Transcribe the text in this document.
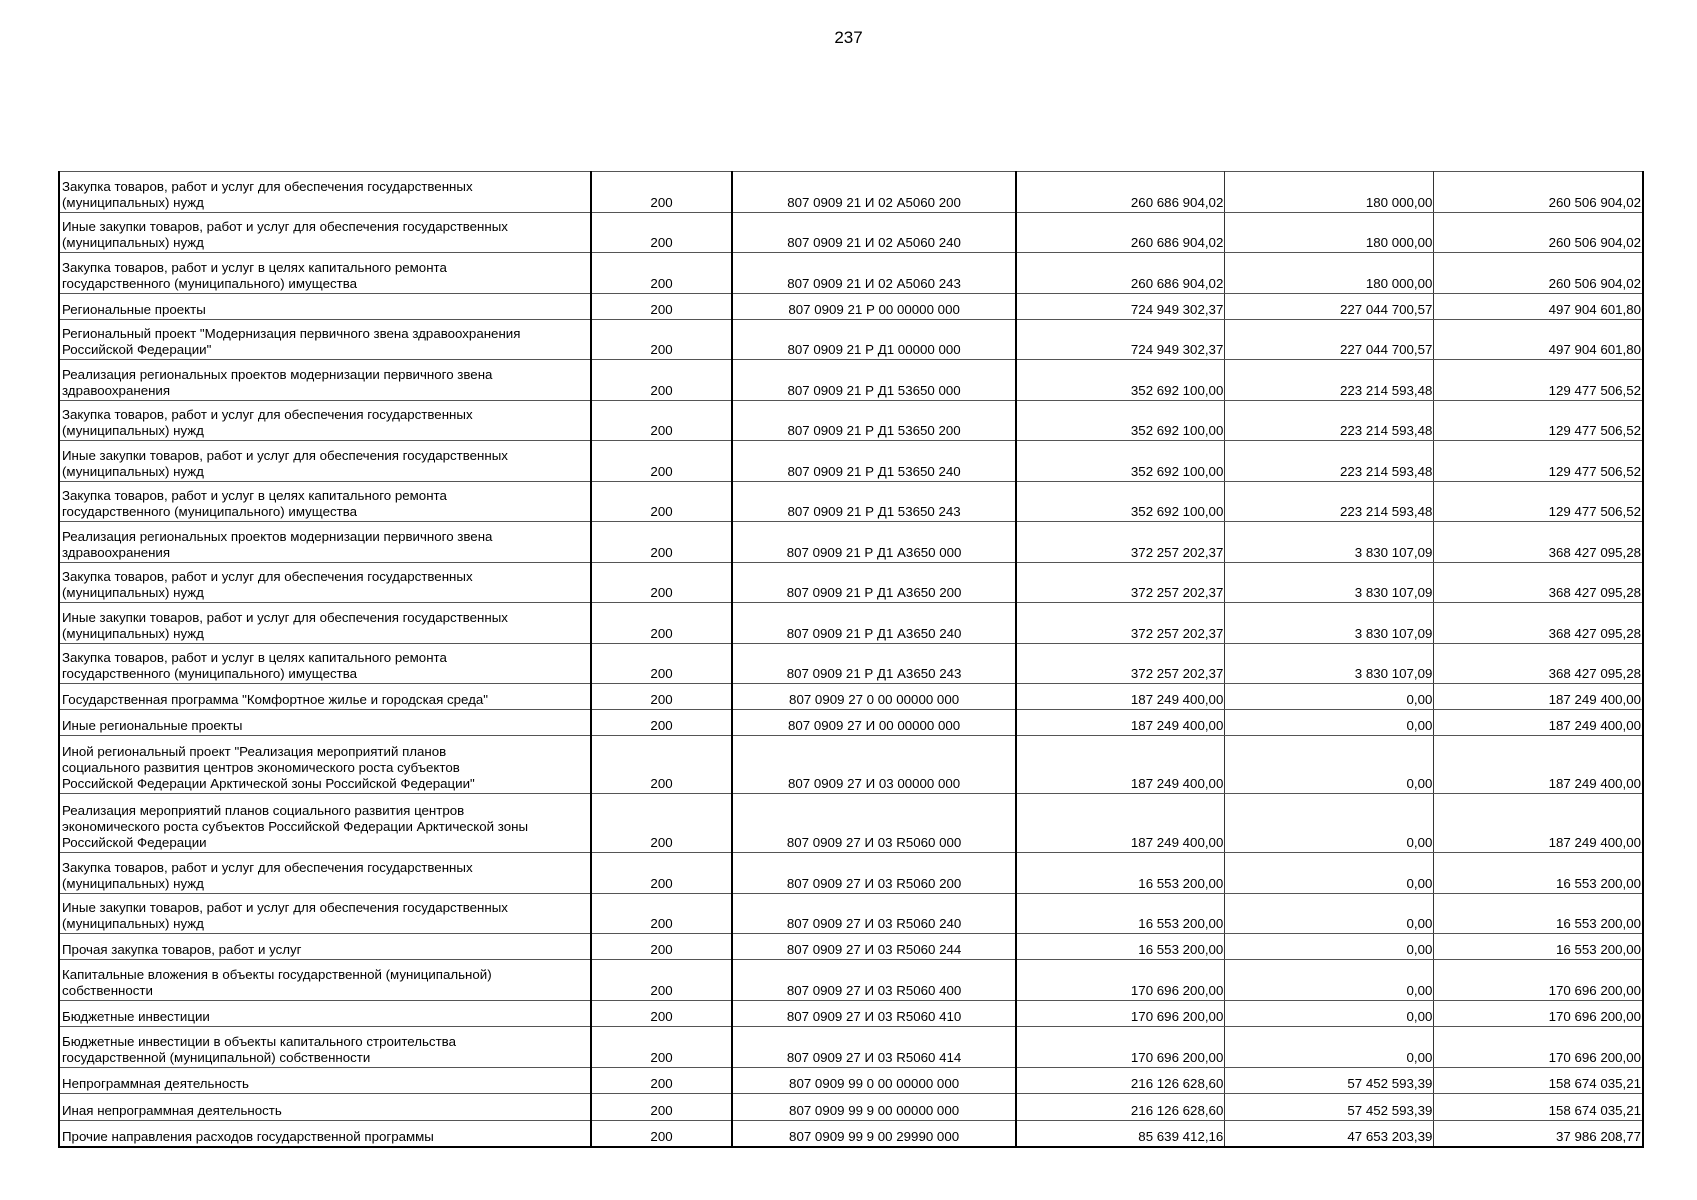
237
Закупка товаров, работ и услуг для обеспечения государственных
(муниципальных) нужд	200	807 0909 21 И 02 А5060 200	260 686 904,02	180 000,00	260 506 904,02

Иные закупки товаров, работ и услуг для обеспечения государственных
(муниципальных) нужд	200	807 0909 21 И 02 А5060 240	260 686 904,02	180 000,00	260 506 904,02

Закупка товаров, работ и услуг в целях капитального ремонта
государственного (муниципального) имущества	200	807 0909 21 И 02 А5060 243	260 686 904,02	180 000,00	260 506 904,02

Региональные проекты	200	807 0909 21 Р 00 00000 000	724 949 302,37	227 044 700,57	497 904 601,80

Региональный проект "Модернизация первичного звена здравоохранения
Российской Федерации"	200	807 0909 21 Р Д1 00000 000	724 949 302,37	227 044 700,57	497 904 601,80

Реализация региональных проектов модернизации первичного звена
здравоохранения	200	807 0909 21 Р Д1 53650 000	352 692 100,00	223 214 593,48	129 477 506,52

Закупка товаров, работ и услуг для обеспечения государственных
(муниципальных) нужд	200	807 0909 21 Р Д1 53650 200	352 692 100,00	223 214 593,48	129 477 506,52

Иные закупки товаров, работ и услуг для обеспечения государственных
(муниципальных) нужд	200	807 0909 21 Р Д1 53650 240	352 692 100,00	223 214 593,48	129 477 506,52

Закупка товаров, работ и услуг в целях капитального ремонта
государственного (муниципального) имущества	200	807 0909 21 Р Д1 53650 243	352 692 100,00	223 214 593,48	129 477 506,52

Реализация региональных проектов модернизации первичного звена
здравоохранения	200	807 0909 21 Р Д1 А3650 000	372 257 202,37	3 830 107,09	368 427 095,28

Закупка товаров, работ и услуг для обеспечения государственных
(муниципальных) нужд	200	807 0909 21 Р Д1 А3650 200	372 257 202,37	3 830 107,09	368 427 095,28

Иные закупки товаров, работ и услуг для обеспечения государственных
(муниципальных) нужд	200	807 0909 21 Р Д1 А3650 240	372 257 202,37	3 830 107,09	368 427 095,28

Закупка товаров, работ и услуг в целях капитального ремонта
государственного (муниципального) имущества	200	807 0909 21 Р Д1 А3650 243	372 257 202,37	3 830 107,09	368 427 095,28

Государственная программа "Комфортное жилье и городская среда"	200	807 0909 27 0 00 00000 000	187 249 400,00	0,00	187 249 400,00

Иные региональные проекты	200	807 0909 27 И 00 00000 000	187 249 400,00	0,00	187 249 400,00

Иной региональный проект "Реализация мероприятий планов
социального развития центров экономического роста субъектов
Российской Федерации Арктической зоны Российской Федерации"	200	807 0909 27 И 03 00000 000	187 249 400,00	0,00	187 249 400,00

Реализация мероприятий планов социального развития центров
экономического роста субъектов Российской Федерации Арктической зоны
Российской Федерации	200	807 0909 27 И 03 R5060 000	187 249 400,00	0,00	187 249 400,00

Закупка товаров, работ и услуг для обеспечения государственных
(муниципальных) нужд	200	807 0909 27 И 03 R5060 200	16 553 200,00	0,00	16 553 200,00

Иные закупки товаров, работ и услуг для обеспечения государственных
(муниципальных) нужд	200	807 0909 27 И 03 R5060 240	16 553 200,00	0,00	16 553 200,00

Прочая закупка товаров, работ и услуг	200	807 0909 27 И 03 R5060 244	16 553 200,00	0,00	16 553 200,00

Капитальные вложения в объекты государственной (муниципальной)
собственности	200	807 0909 27 И 03 R5060 400	170 696 200,00	0,00	170 696 200,00

Бюджетные инвестиции	200	807 0909 27 И 03 R5060 410	170 696 200,00	0,00	170 696 200,00

Бюджетные инвестиции в объекты капитального строительства
государственной (муниципальной) собственности	200	807 0909 27 И 03 R5060 414	170 696 200,00	0,00	170 696 200,00

Непрограммная деятельность	200	807 0909 99 0 00 00000 000	216 126 628,60	57 452 593,39	158 674 035,21

Иная непрограммная деятельность	200	807 0909 99 9 00 00000 000	216 126 628,60	57 452 593,39	158 674 035,21

Прочие направления расходов государственной программы	200	807 0909 99 9 00 29990 000	85 639 412,16	47 653 203,39	37 986 208,77
